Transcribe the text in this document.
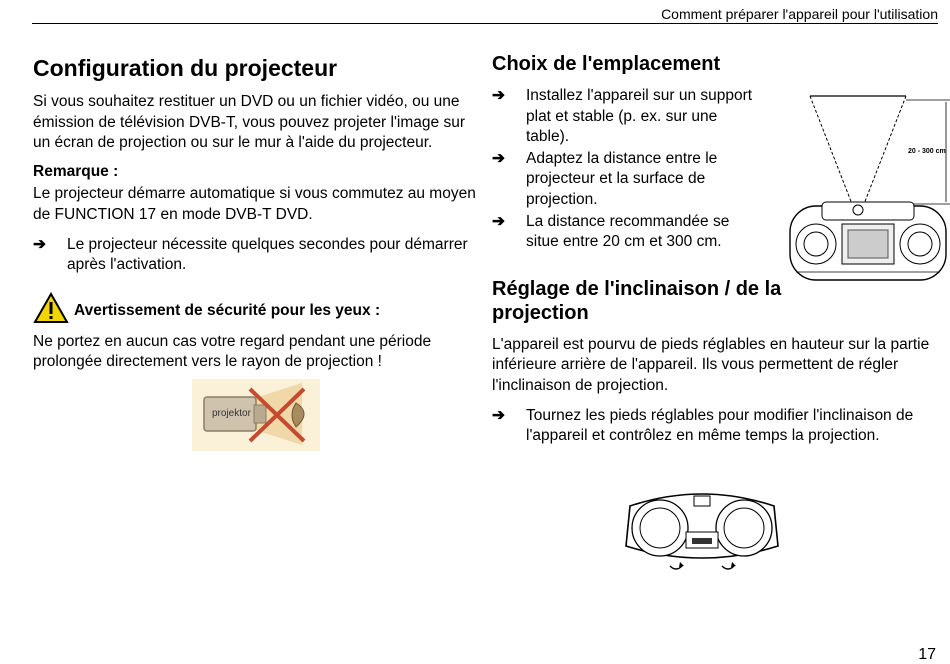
Comment préparer l'appareil pour l'utilisation
Configuration du projecteur

Si vous souhaitez restituer un DVD ou un fichier vidéo, ou une émission de télévision DVB-T, vous pouvez projeter l'image sur un écran de projection ou sur le mur à l'aide du projecteur.

Remarque :

Le projecteur démarre automatique si vous commutez au moyen de FUNCTION 17 en mode DVB-T DVD.

➔ Le projecteur nécessite quelques secondes pour démarrer après l'activation.
Avertissement de sécurité pour les yeux :

Ne portez en aucun cas votre regard pendant une période prolongée directement vers le rayon de projection !

projektor
Choix de l'emplacement
➔ Installez l'appareil sur un support plat et stable (p. ex. sur une table).
➔ Adaptez la distance entre le projecteur et la surface de projection.
➔ La distance recommandée se situe entre 20 cm et 300 cm.
Réglage de l'inclinaison / de la projection

L'appareil est pourvu de pieds réglables en hauteur sur la partie inférieure arrière de l'appareil. Ils vous permettent de régler l'inclinaison de projection.

➔ Tournez les pieds réglables pour modifier l'inclinaison de l'appareil et contrôlez en même temps la projection.
20 - 300 cm
17
